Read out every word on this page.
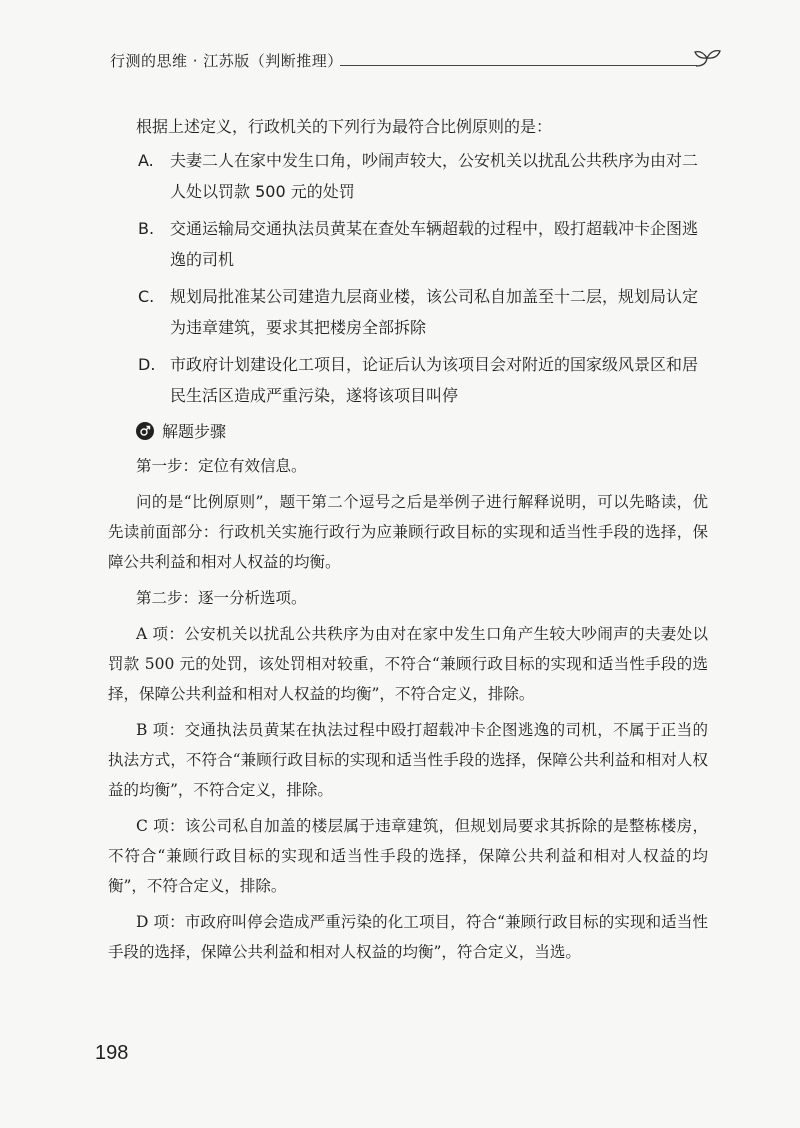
行测的思维 · 江苏版（判断推理）

根据上述定义，行政机关的下列行为最符合比例原则的是：

A. 夫妻二人在家中发生口角，吵闹声较大，公安机关以扰乱公共秩序为由对二人处以罚款 500 元的处罚
B. 交通运输局交通执法员黄某在查处车辆超载的过程中，殴打超载冲卡企图逃逸的司机
C. 规划局批准某公司建造九层商业楼，该公司私自加盖至十二层，规划局认定为违章建筑，要求其把楼房全部拆除
D. 市政府计划建设化工项目，论证后认为该项目会对附近的国家级风景区和居民生活区造成严重污染，遂将该项目叫停
解题步骤

第一步：定位有效信息。

问的是“比例原则”，题干第二个逗号之后是举例子进行解释说明，可以先略读，优先读前面部分：行政机关实施行政行为应兼顾行政目标的实现和适当性手段的选择，保障公共利益和相对人权益的均衡。

第二步：逐一分析选项。

A 项：公安机关以扰乱公共秩序为由对在家中发生口角产生较大吵闹声的夫妻处以罚款 500 元的处罚，该处罚相对较重，不符合“兼顾行政目标的实现和适当性手段的选择，保障公共利益和相对人权益的均衡”，不符合定义，排除。

B 项：交通执法员黄某在执法过程中殴打超载冲卡企图逃逸的司机，不属于正当的执法方式，不符合“兼顾行政目标的实现和适当性手段的选择，保障公共利益和相对人权益的均衡”，不符合定义，排除。

C 项：该公司私自加盖的楼层属于违章建筑，但规划局要求其拆除的是整栋楼房，不符合“兼顾行政目标的实现和适当性手段的选择，保障公共利益和相对人权益的均衡”，不符合定义，排除。

D 项：市政府叫停会造成严重污染的化工项目，符合“兼顾行政目标的实现和适当性手段的选择，保障公共利益和相对人权益的均衡”，符合定义，当选。

198
